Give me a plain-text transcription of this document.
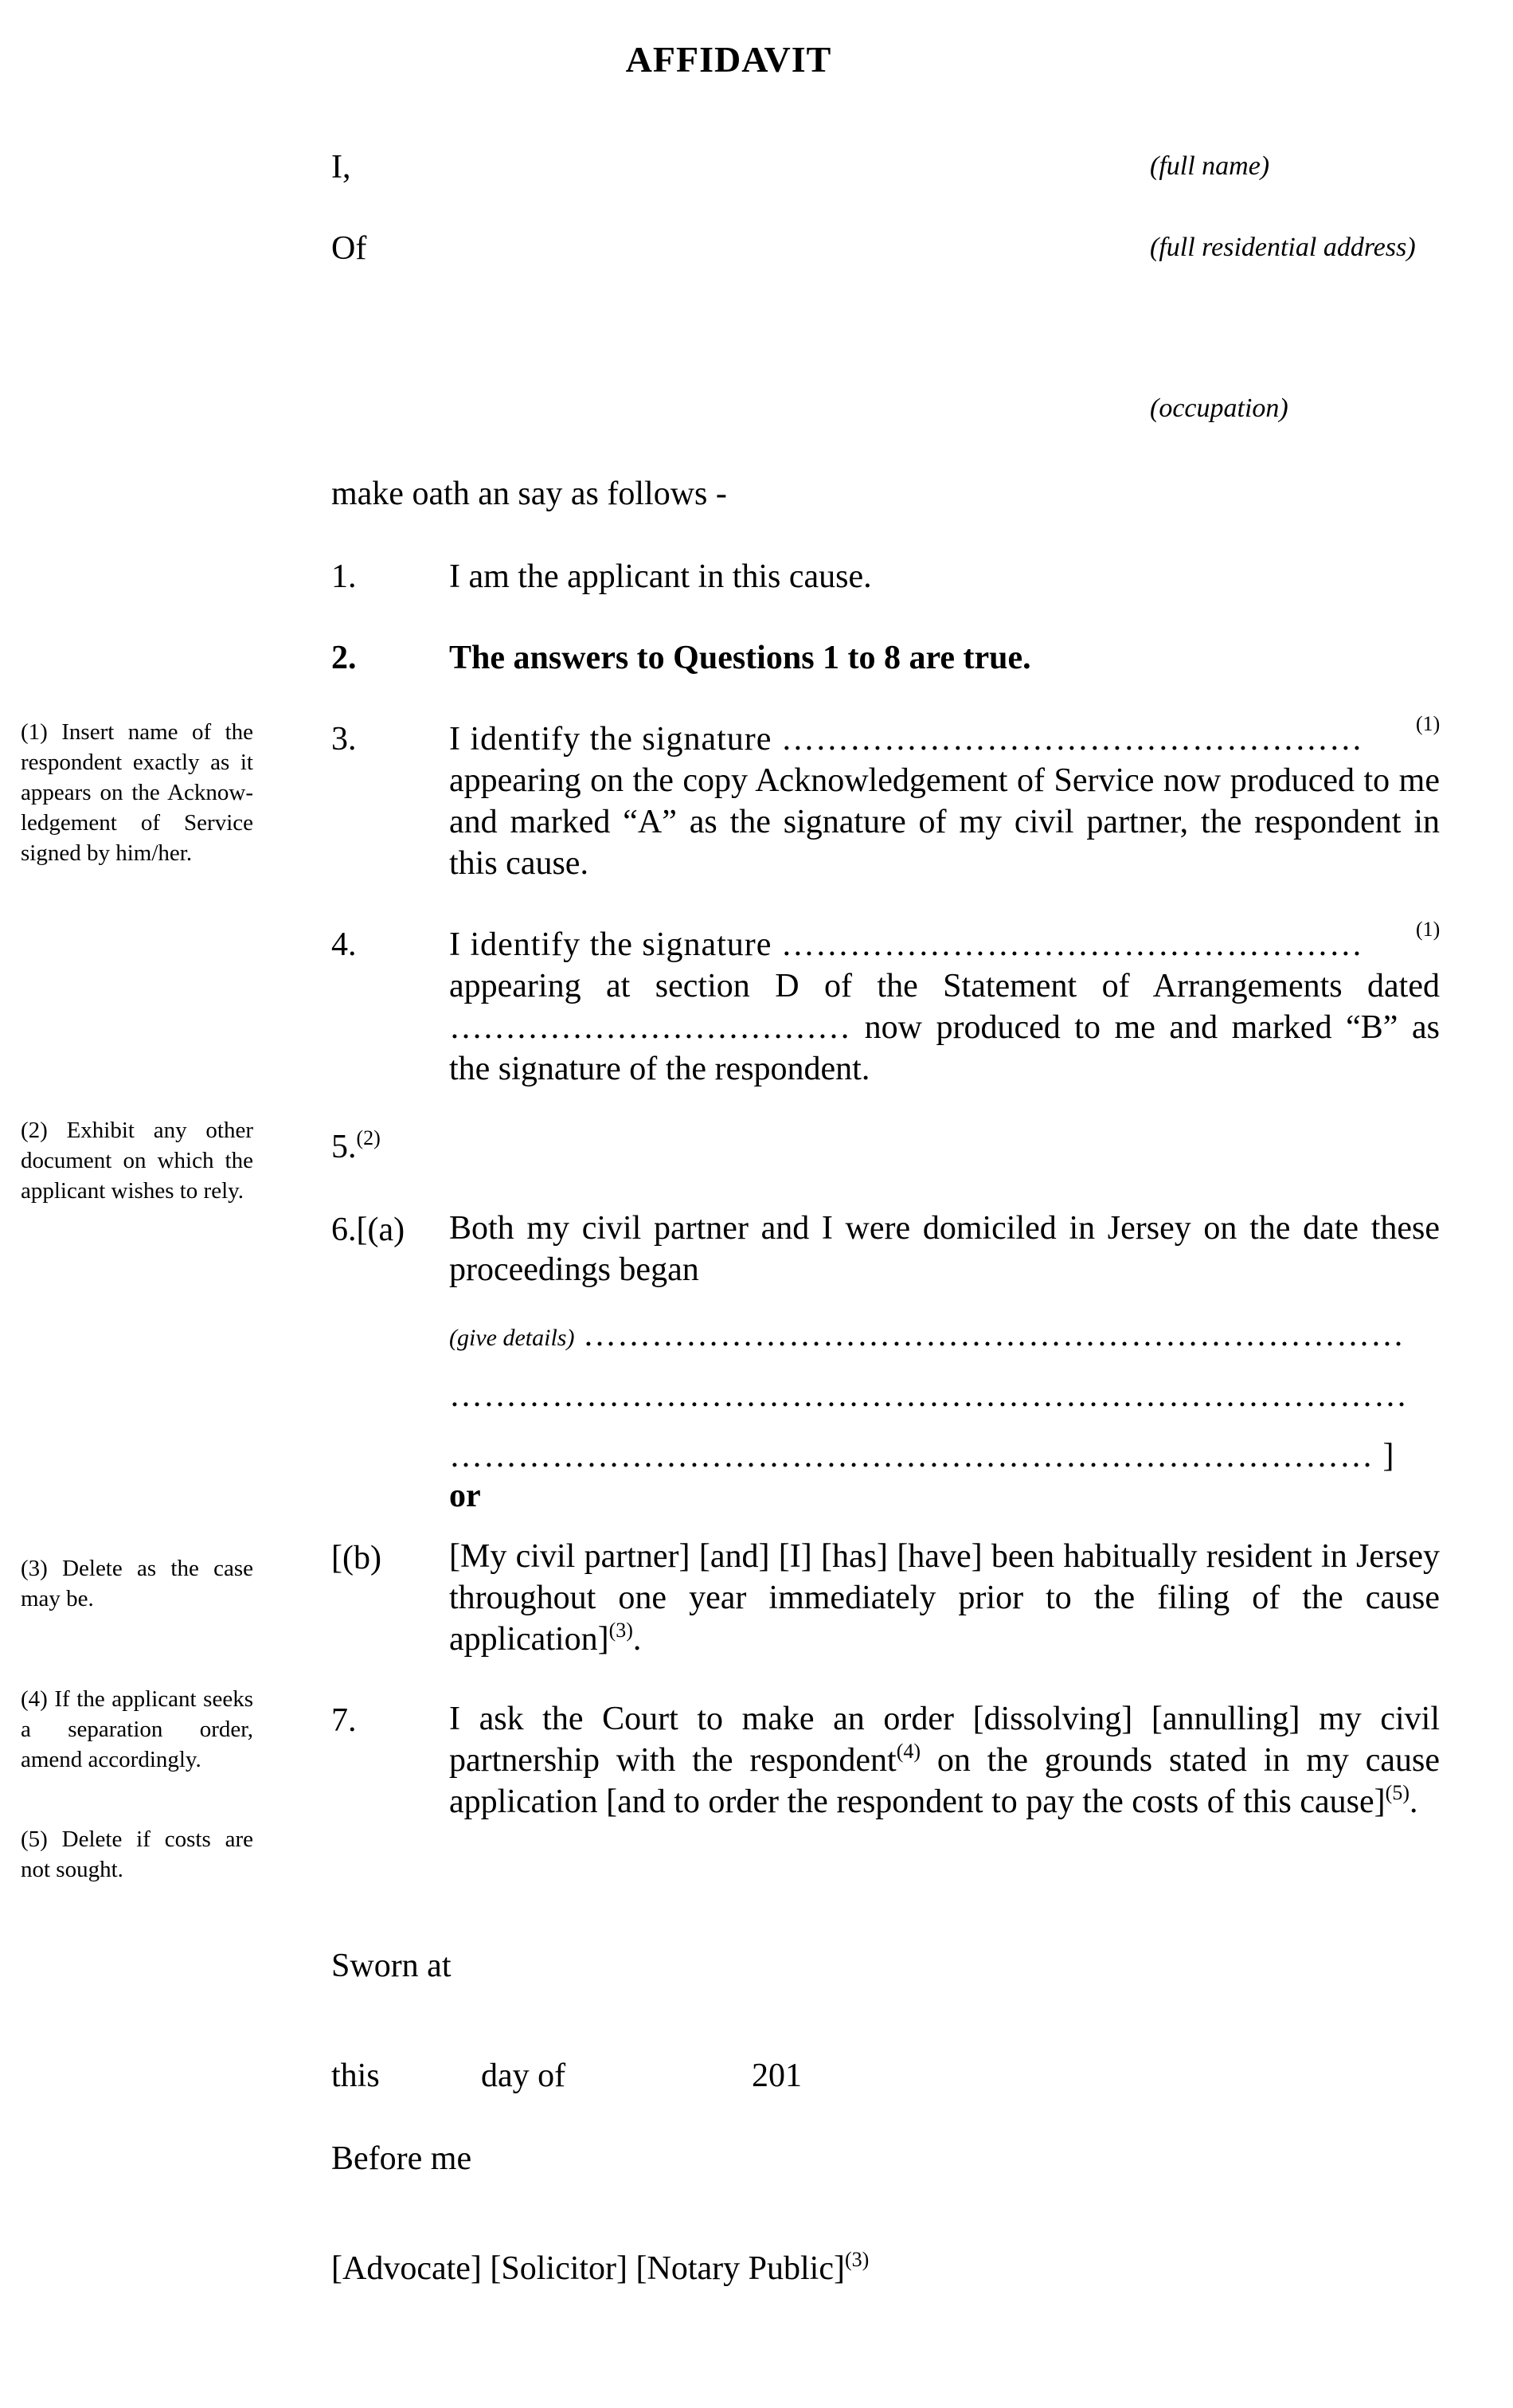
AFFIDAVIT
I,	(full name)
Of	(full residential address)
(occupation)
make oath an say as follows -
1.	I am the applicant in this cause.
2.	The answers to Questions 1 to 8 are true.
3.	I identify the signature ……………………………………………	(1)
appearing on the copy Acknowledgement of Service now produced to me and marked “A” as the signature of my civil partner, the respondent in this cause.
4.	I identify the signature ……………………………………………	(1)
appearing at section D of the Statement of Arrangements dated ……………………………… now produced to me and marked “B” as the signature of the respondent.
5.$^{(2)}$
6.[(a) Both my civil partner and I were domiciled in Jersey on the date these proceedings began
(give details) ………………………………………………………………
…………………………………………………………………………
……………………………………………………………………… ]
or
[(b) [My civil partner] [and] [I] [has] [have] been habitually resident in Jersey throughout one year immediately prior to the filing of the cause application]$^{(3)}$.
7.	I ask the Court to make an order [dissolving] [annulling] my civil partnership with the respondent$^{(4)}$ on the grounds stated in my cause application [and to order the respondent to pay the costs of this cause]$^{(5)}$.
(1) Insert name of the respondent exactly as it appears on the Acknow-ledgement of Service signed by him/her.
(2) Exhibit any other document on which the applicant wishes to rely.
(3) Delete as the case may be.
(4) If the applicant seeks a separation order, amend accordingly.
(5) Delete if costs are not sought.
Sworn at
this	day of	201
Before me
[Advocate] [Solicitor] [Notary Public]$^{(3)}$
